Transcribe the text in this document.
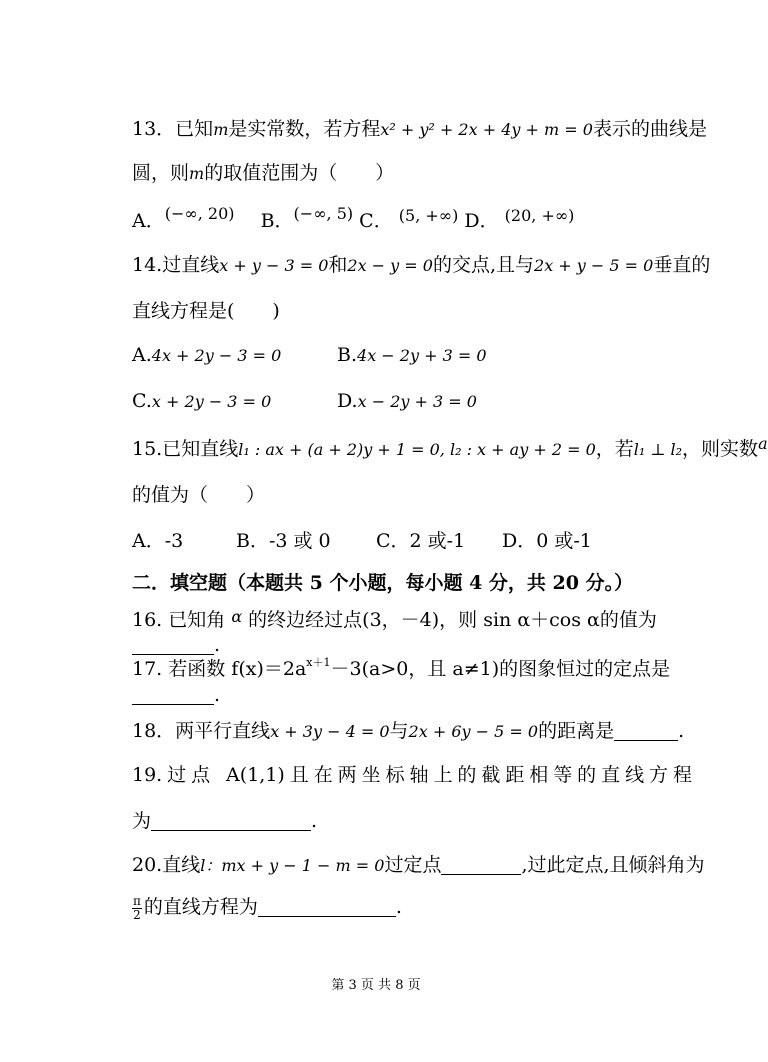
13．已知m是实常数，若方程x² + y² + 2x + 4y + m = 0表示的曲线是
圆，则m的取值范围为（　　）
A．$^{(-\infty, 20)}$ B．$^{(-\infty, 5)}$ C． $^{(5, +\infty)}$ D． $^{(20, +\infty)}$
14.过直线x + y − 3 = 0和2x − y = 0的交点,且与2x + y − 5 = 0垂直的
直线方程是(　　)
A.4x + 2y − 3 = 0	B.4x − 2y + 3 = 0
C.x + 2y − 3 = 0	D.x − 2y + 3 = 0
15.已知直线l₁ : ax + (a + 2)y + 1 = 0, l₂ : x + ay + 2 = 0，若l₁ ⊥ l₂，则实数$^a$
的值为（　　）
A．-3	B．-3 或 0 C．2 或-1 D．0 或-1
二．填空题（本题共 5 个小题，每小题 4 分，共 20 分。）
16. 已知角 $^\alpha$ 的终边经过点(3，－4)，则 sin α＋cos α的值为
.
17. 若函数 $f(x)=2a^{x+1}-3(a>0$，且 a≠1)的图象恒过的定点是
.
18．两平行直线x + 3y − 4 = 0与2x + 6y − 5 = 0的距离是	.
19.过点 A(1,1)且在两坐标轴上的截距相等的直线方程
为	.
20.直线l：mx + y − 1 − m = 0过定点	,过此定点,且倾斜角为
$\frac{\pi}{2}$ 的直线方程为	.
第 3 页 共 8 页
